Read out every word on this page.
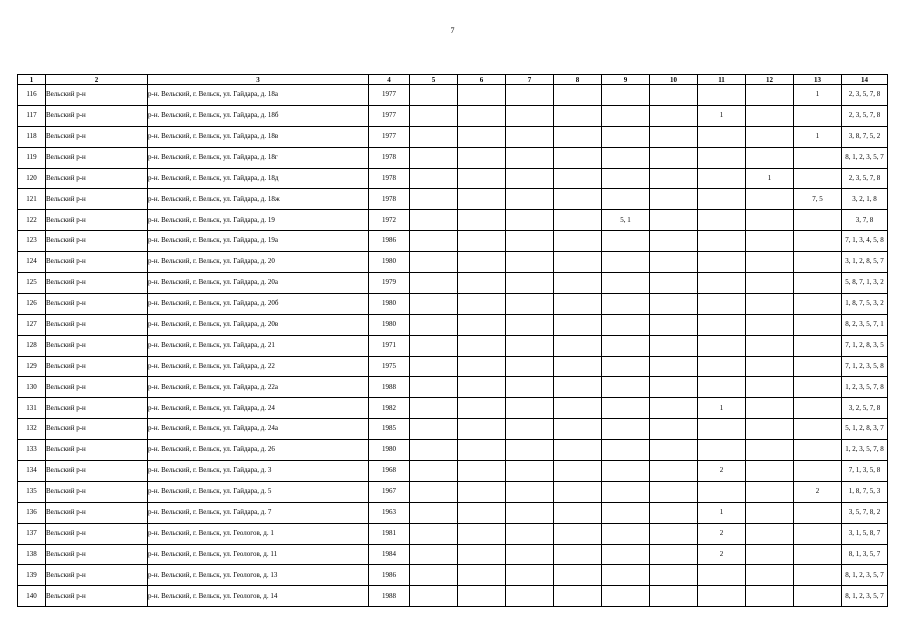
7
1	2	3	4	5	6	7	8	9	10	11	12	13	14
116	Вельский р-н	р-н. Вельский, г. Вельск, ул. Гайдара, д. 18а	1977									1	2, 3, 5, 7, 8
117	Вельский р-н	р-н. Вельский, г. Вельск, ул. Гайдара, д. 18б	1977							1			2, 3, 5, 7, 8
118	Вельский р-н	р-н. Вельский, г. Вельск, ул. Гайдара, д. 18в	1977									1	3, 8, 7, 5, 2
119	Вельский р-н	р-н. Вельский, г. Вельск, ул. Гайдара, д. 18г	1978										8, 1, 2, 3, 5, 7
120	Вельский р-н	р-н. Вельский, г. Вельск, ул. Гайдара, д. 18д	1978								1		2, 3, 5, 7, 8
121	Вельский р-н	р-н. Вельский, г. Вельск, ул. Гайдара, д. 18ж	1978									7, 5	3, 2, 1, 8
122	Вельский р-н	р-н. Вельский, г. Вельск, ул. Гайдара, д. 19	1972					5, 1					3, 7, 8
123	Вельский р-н	р-н. Вельский, г. Вельск, ул. Гайдара, д. 19а	1986										7, 1, 3, 4, 5, 8
124	Вельский р-н	р-н. Вельский, г. Вельск, ул. Гайдара, д. 20	1980										3, 1, 2, 8, 5, 7
125	Вельский р-н	р-н. Вельский, г. Вельск, ул. Гайдара, д. 20а	1979										5, 8, 7, 1, 3, 2
126	Вельский р-н	р-н. Вельский, г. Вельск, ул. Гайдара, д. 20б	1980										1, 8, 7, 5, 3, 2
127	Вельский р-н	р-н. Вельский, г. Вельск, ул. Гайдара, д. 20в	1980										8, 2, 3, 5, 7, 1
128	Вельский р-н	р-н. Вельский, г. Вельск, ул. Гайдара, д. 21	1971										7, 1, 2, 8, 3, 5
129	Вельский р-н	р-н. Вельский, г. Вельск, ул. Гайдара, д. 22	1975										7, 1, 2, 3, 5, 8
130	Вельский р-н	р-н. Вельский, г. Вельск, ул. Гайдара, д. 22а	1988										1, 2, 3, 5, 7, 8
131	Вельский р-н	р-н. Вельский, г. Вельск, ул. Гайдара, д. 24	1982							1			3, 2, 5, 7, 8
132	Вельский р-н	р-н. Вельский, г. Вельск, ул. Гайдара, д. 24а	1985										5, 1, 2, 8, 3, 7
133	Вельский р-н	р-н. Вельский, г. Вельск, ул. Гайдара, д. 26	1980										1, 2, 3, 5, 7, 8
134	Вельский р-н	р-н. Вельский, г. Вельск, ул. Гайдара, д. 3	1968							2			7, 1, 3, 5, 8
135	Вельский р-н	р-н. Вельский, г. Вельск, ул. Гайдара, д. 5	1967									2	1, 8, 7, 5, 3
136	Вельский р-н	р-н. Вельский, г. Вельск, ул. Гайдара, д. 7	1963							1			3, 5, 7, 8, 2
137	Вельский р-н	р-н. Вельский, г. Вельск, ул. Геологов, д. 1	1981							2			3, 1, 5, 8, 7
138	Вельский р-н	р-н. Вельский, г. Вельск, ул. Геологов, д. 11	1984							2			8, 1, 3, 5, 7
139	Вельский р-н	р-н. Вельский, г. Вельск, ул. Геологов, д. 13	1986										8, 1, 2, 3, 5, 7
140	Вельский р-н	р-н. Вельский, г. Вельск, ул. Геологов, д. 14	1988										8, 1, 2, 3, 5, 7
